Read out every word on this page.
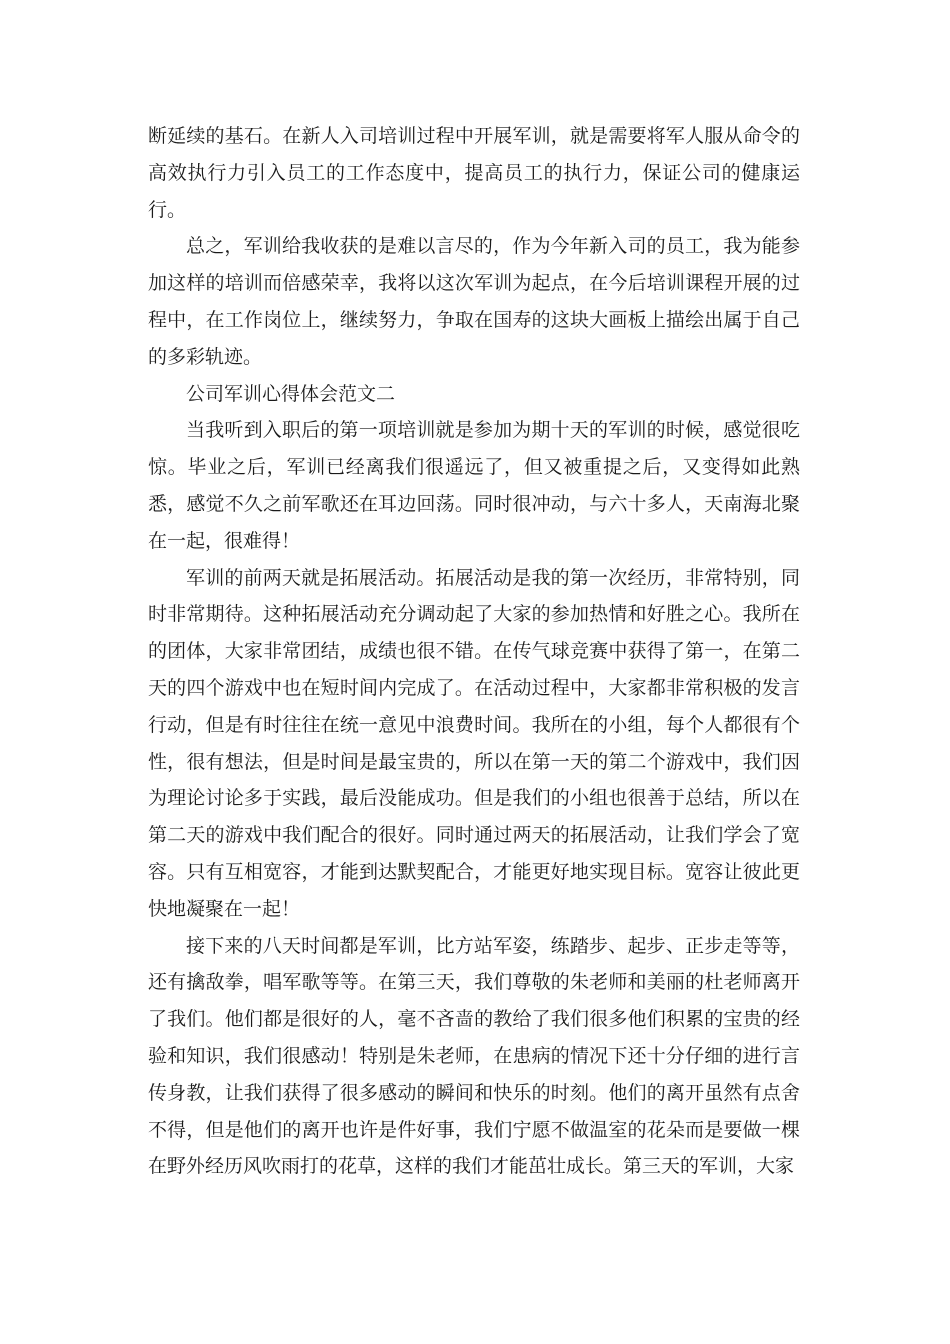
断延续的基石。在新人入司培训过程中开展军训，就是需要将军人服从命令的高效执行力引入员工的工作态度中，提高员工的执行力，保证公司的健康运行。

总之，军训给我收获的是难以言尽的，作为今年新入司的员工，我为能参加这样的培训而倍感荣幸，我将以这次军训为起点，在今后培训课程开展的过程中，在工作岗位上，继续努力，争取在国寿的这块大画板上描绘出属于自己的多彩轨迹。

公司军训心得体会范文二

当我听到入职后的第一项培训就是参加为期十天的军训的时候，感觉很吃惊。毕业之后，军训已经离我们很遥远了，但又被重提之后，又变得如此熟悉，感觉不久之前军歌还在耳边回荡。同时很冲动，与六十多人，天南海北聚在一起，很难得！

军训的前两天就是拓展活动。拓展活动是我的第一次经历，非常特别，同时非常期待。这种拓展活动充分调动起了大家的参加热情和好胜之心。我所在的团体，大家非常团结，成绩也很不错。在传气球竞赛中获得了第一，在第二天的四个游戏中也在短时间内完成了。在活动过程中，大家都非常积极的发言行动，但是有时往往在统一意见中浪费时间。我所在的小组，每个人都很有个性，很有想法，但是时间是最宝贵的，所以在第一天的第二个游戏中，我们因为理论讨论多于实践，最后没能成功。但是我们的小组也很善于总结，所以在第二天的游戏中我们配合的很好。同时通过两天的拓展活动，让我们学会了宽容。只有互相宽容，才能到达默契配合，才能更好地实现目标。宽容让彼此更快地凝聚在一起！

接下来的八天时间都是军训，比方站军姿，练踏步、起步、正步走等等，还有擒敌拳，唱军歌等等。在第三天，我们尊敬的朱老师和美丽的杜老师离开了我们。他们都是很好的人，毫不吝啬的教给了我们很多他们积累的宝贵的经验和知识，我们很感动！特别是朱老师，在患病的情况下还十分仔细的进行言传身教，让我们获得了很多感动的瞬间和快乐的时刻。他们的离开虽然有点舍不得，但是他们的离开也许是件好事，我们宁愿不做温室的花朵而是要做一棵在野外经历风吹雨打的花草，这样的我们才能茁壮成长。第三天的军训，大家
